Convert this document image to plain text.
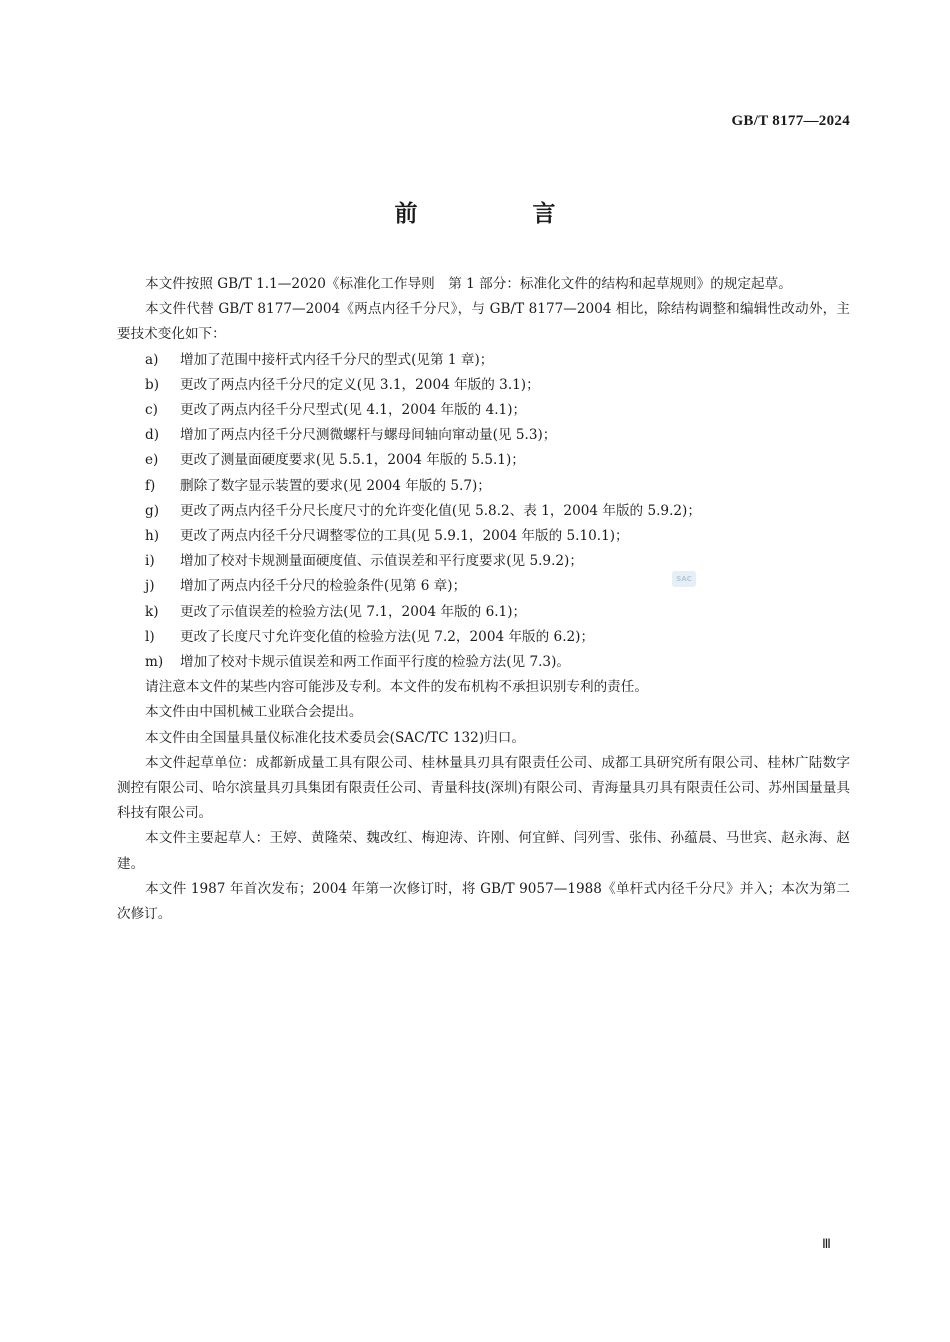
GB/T 8177—2024
前　言

本文件按照 GB/T 1.1—2020《标准化工作导则　第 1 部分：标准化文件的结构和起草规则》的规定起草。

本文件代替 GB/T 8177—2004《两点内径千分尺》，与 GB/T 8177—2004 相比，除结构调整和编辑性改动外，主要技术变化如下：

a)	增加了范围中接杆式内径千分尺的型式(见第 1 章)；
b)	更改了两点内径千分尺的定义(见 3.1，2004 年版的 3.1)；
c)	更改了两点内径千分尺型式(见 4.1，2004 年版的 4.1)；
d)	增加了两点内径千分尺测微螺杆与螺母间轴向窜动量(见 5.3)；
e)	更改了测量面硬度要求(见 5.5.1，2004 年版的 5.5.1)；
f)	删除了数字显示装置的要求(见 2004 年版的 5.7)；
g)	更改了两点内径千分尺长度尺寸的允许变化值(见 5.8.2、表 1，2004 年版的 5.9.2)；
h)	更改了两点内径千分尺调整零位的工具(见 5.9.1，2004 年版的 5.10.1)；
i)	增加了校对卡规测量面硬度值、示值误差和平行度要求(见 5.9.2)；
j)	增加了两点内径千分尺的检验条件(见第 6 章)；
k)	更改了示值误差的检验方法(见 7.1，2004 年版的 6.1)；
l)	更改了长度尺寸允许变化值的检验方法(见 7.2，2004 年版的 6.2)；
m)	增加了校对卡规示值误差和两工作面平行度的检验方法(见 7.3)。

请注意本文件的某些内容可能涉及专利。本文件的发布机构不承担识别专利的责任。

本文件由中国机械工业联合会提出。

本文件由全国量具量仪标准化技术委员会(SAC/TC 132)归口。

本文件起草单位：成都新成量工具有限公司、桂林量具刃具有限责任公司、成都工具研究所有限公司、桂林广陆数字测控有限公司、哈尔滨量具刃具集团有限责任公司、青量科技(深圳)有限公司、青海量具刃具有限责任公司、苏州国量量具科技有限公司。

本文件主要起草人：王婷、黄隆荣、魏改红、梅迎涛、许刚、何宜鲜、闫列雪、张伟、孙蕴晨、马世宾、赵永海、赵建。

本文件 1987 年首次发布；2004 年第一次修订时，将 GB/T 9057—1988《单杆式内径千分尺》并入；本次为第二次修订。

SAC
Ⅲ
